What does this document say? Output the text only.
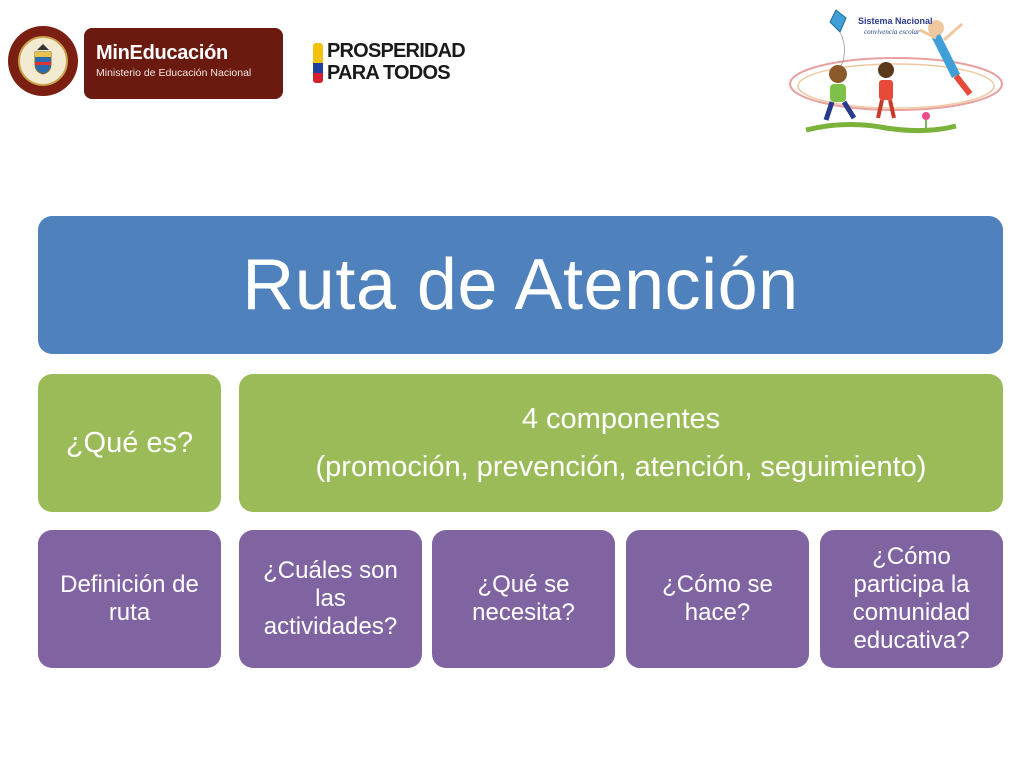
MinEducación
Ministerio de Educación Nacional
PROSPERIDAD
PARA TODOS
Sistema Nacional
convivencia escolar
Ruta de Atención
¿Qué es?
4 componentes
(promoción, prevención, atención, seguimiento)
Definición de ruta
¿Cuáles son las actividades?
¿Qué se necesita?
¿Cómo se hace?
¿Cómo participa la comunidad educativa?
